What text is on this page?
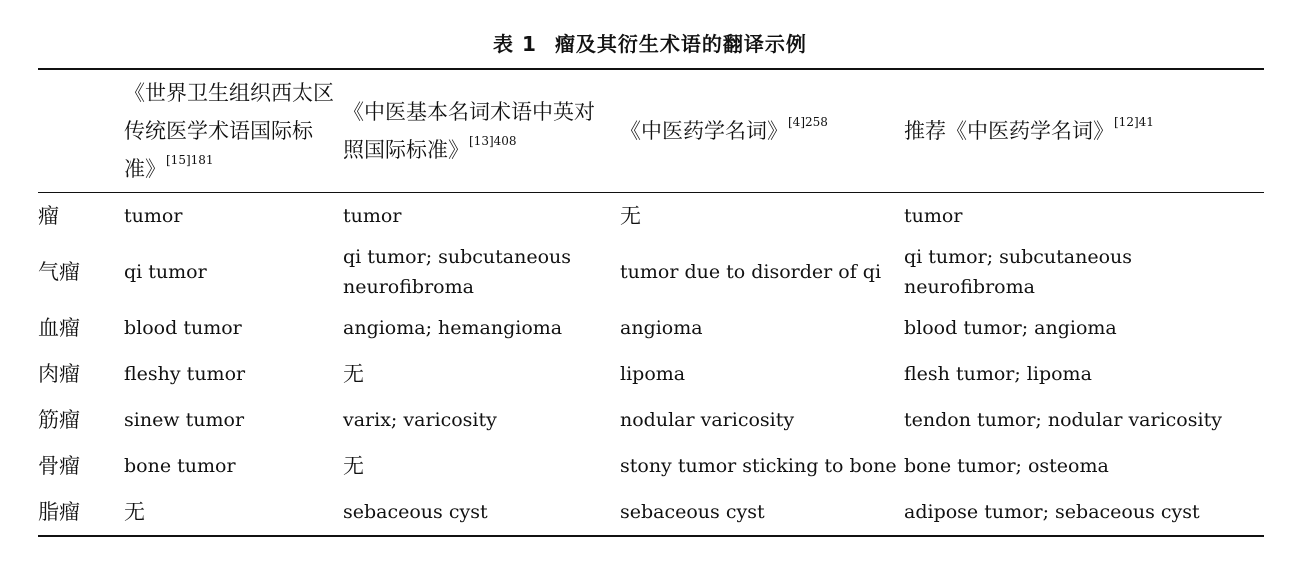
表 1 瘤及其衍生术语的翻译示例
	《世界卫生组织西太区传统医学术语国际标准》$^{[15]181}$	《中医基本名词术语中英对照国际标准》$^{[13]408}$	《中医药学名词》$^{[4]258}$	推荐《中医药学名词》$^{[12]41}$
瘤	tumor	tumor	无	tumor
气瘤	qi tumor	qi tumor; subcutaneous neurofibroma	tumor due to disorder of qi	qi tumor; subcutaneous neurofibroma
血瘤	blood tumor	angioma; hemangioma	angioma	blood tumor; angioma
肉瘤	fleshy tumor	无	lipoma	flesh tumor; lipoma
筋瘤	sinew tumor	varix; varicosity	nodular varicosity	tendon tumor; nodular varicosity
骨瘤	bone tumor	无	stony tumor sticking to bone	bone tumor; osteoma
脂瘤	无	sebaceous cyst	sebaceous cyst	adipose tumor; sebaceous cyst
